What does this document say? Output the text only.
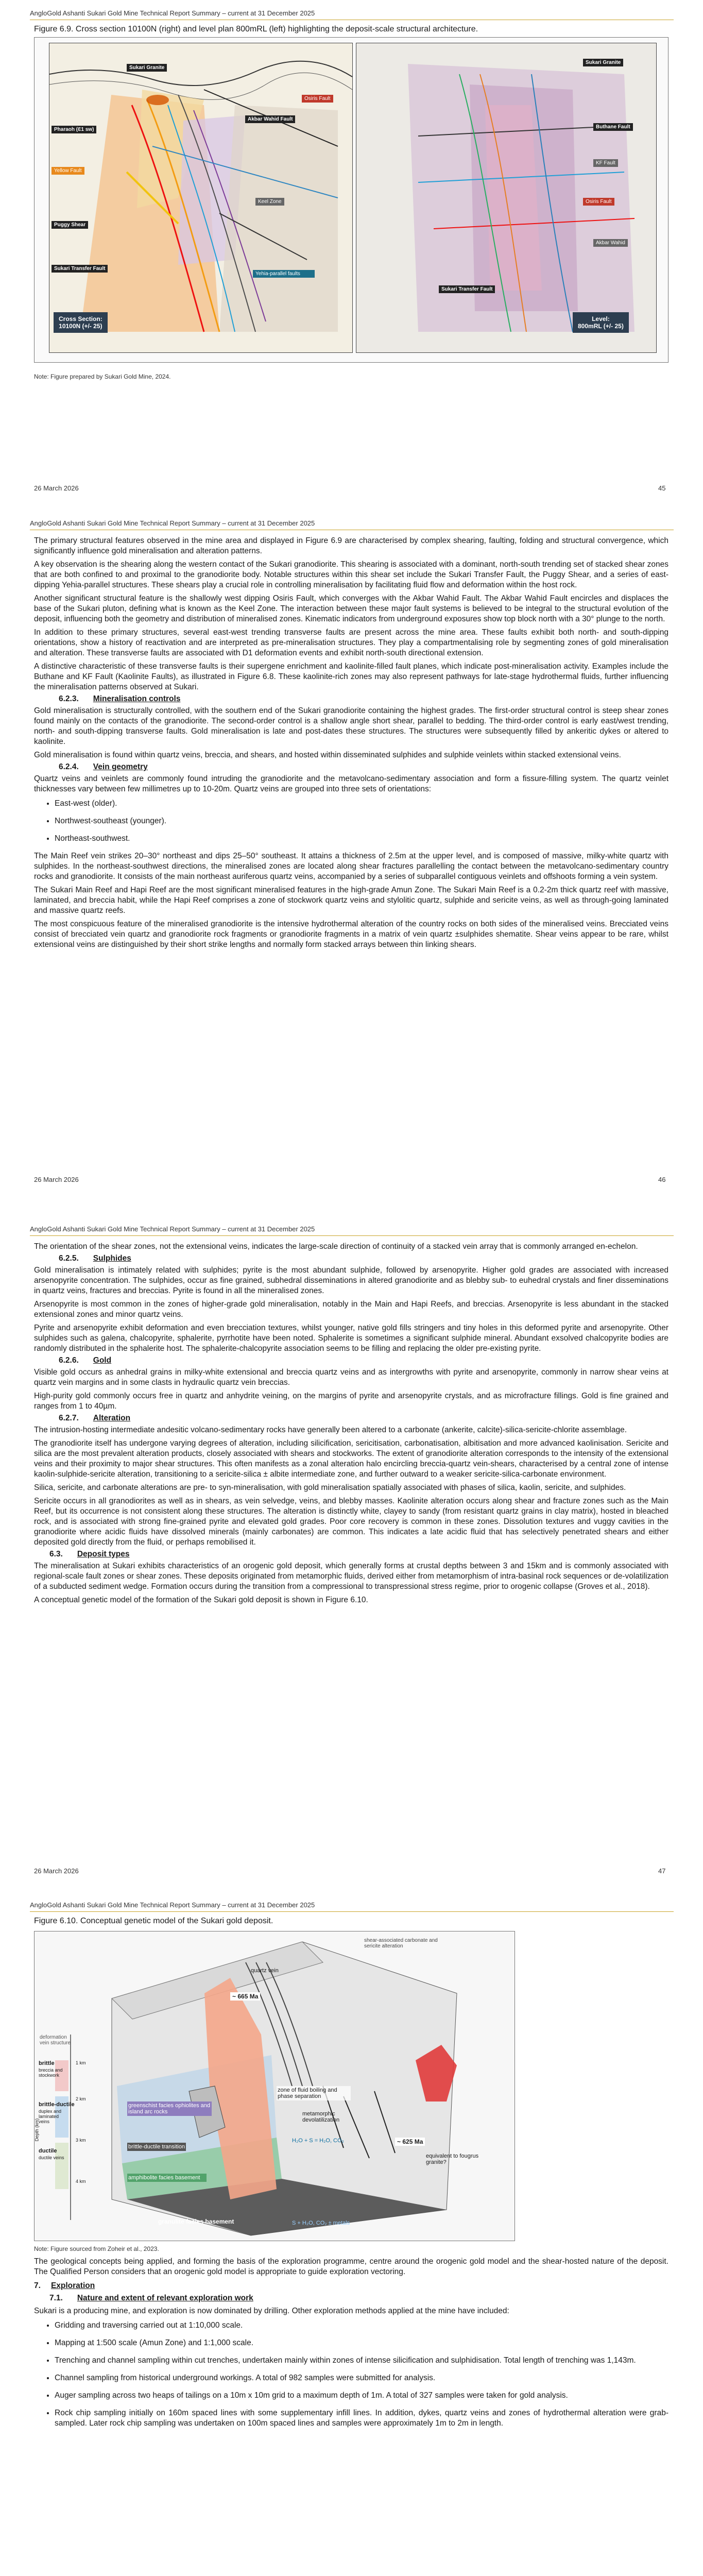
AngloGold Ashanti Sukari Gold Mine Technical Report Summary – current at 31 December 2025
Figure 6.9. Cross section 10100N (right) and level plan 800mRL (left) highlighting the deposit-scale structural architecture.
Sukari Granite
Akbar Wahid Fault
Osiris Fault
Pharaoh (Ɛ1 sw)
Yellow Fault
Puggy Shear
Keel Zone
Sukari Transfer Fault
Yehia-parallel faults
Cross Section:
10100N (+/- 25)
Sukari Granite
Buthane Fault
KF Fault
Osiris Fault
Akbar Wahid
Sukari Transfer Fault
Level:
800mRL (+/- 25)
Note: Figure prepared by Sukari Gold Mine, 2024.
26 March 2026	45
AngloGold Ashanti Sukari Gold Mine Technical Report Summary – current at 31 December 2025

The primary structural features observed in the mine area and displayed in Figure 6.9 are characterised by complex shearing, faulting, folding and structural convergence, which significantly influence gold mineralisation and alteration patterns.

A key observation is the shearing along the western contact of the Sukari granodiorite. This shearing is associated with a dominant, north-south trending set of stacked shear zones that are both confined to and proximal to the granodiorite body. Notable structures within this shear set include the Sukari Transfer Fault, the Puggy Shear, and a series of east-dipping Yehia-parallel structures. These shears play a crucial role in controlling mineralisation by facilitating fluid flow and deformation within the host rock.

Another significant structural feature is the shallowly west dipping Osiris Fault, which converges with the Akbar Wahid Fault. The Akbar Wahid Fault encircles and displaces the base of the Sukari pluton, defining what is known as the Keel Zone. The interaction between these major fault systems is believed to be integral to the structural evolution of the deposit, influencing both the geometry and distribution of mineralised zones. Kinematic indicators from underground exposures show top block north with a 30° plunge to the north.

In addition to these primary structures, several east-west trending transverse faults are present across the mine area. These faults exhibit both north- and south-dipping orientations, show a history of reactivation and are interpreted as pre-mineralisation structures. They play a compartmentalising role by segmenting zones of gold mineralisation and alteration. These transverse faults are associated with D1 deformation events and exhibit north-south directional extension.

A distinctive characteristic of these transverse faults is their supergene enrichment and kaolinite-filled fault planes, which indicate post-mineralisation activity. Examples include the Buthane and KF Fault (Kaolinite Faults), as illustrated in Figure 6.8. These kaolinite-rich zones may also represent pathways for late-stage hydrothermal fluids, further influencing the mineralisation patterns observed at Sukari.

6.2.3. Mineralisation controls

Gold mineralisation is structurally controlled, with the southern end of the Sukari granodiorite containing the highest grades. The first-order structural control is steep shear zones found mainly on the contacts of the granodiorite. The second-order control is a shallow angle short shear, parallel to bedding. The third-order control is early east/west trending, north- and south-dipping transverse faults. Gold mineralisation is late and post-dates these structures. The structures were subsequently filled by ankeritic dykes or altered to kaolinite.

Gold mineralisation is found within quartz veins, breccia, and shears, and hosted within disseminated sulphides and sulphide veinlets within stacked extensional veins.

6.2.4. Vein geometry

Quartz veins and veinlets are commonly found intruding the granodiorite and the metavolcano-sedimentary association and form a fissure-filling system. The quartz veinlet thicknesses vary between few millimetres up to 10-20m. Quartz veins are grouped into three sets of orientations:

• East-west (older).
• Northwest-southeast (younger).
• Northeast-southwest.

The Main Reef vein strikes 20–30° northeast and dips 25–50° southeast. It attains a thickness of 2.5m at the upper level, and is composed of massive, milky-white quartz with sulphides. In the northeast-southwest directions, the mineralised zones are located along shear fractures parallelling the contact between the metavolcano-sedimentary country rocks and granodiorite. It consists of the main northeast auriferous quartz veins, accompanied by a series of subparallel contiguous veinlets and offshoots forming a vein system.

The Sukari Main Reef and Hapi Reef are the most significant mineralised features in the high-grade Amun Zone. The Sukari Main Reef is a 0.2-2m thick quartz reef with massive, laminated, and breccia habit, while the Hapi Reef comprises a zone of stockwork quartz veins and stylolitic quartz, sulphide and sericite veins, as well as through-going laminated and massive quartz reefs.

The most conspicuous feature of the mineralised granodiorite is the intensive hydrothermal alteration of the country rocks on both sides of the mineralised veins. Brecciated veins consist of brecciated vein quartz and granodiorite rock fragments or granodiorite fragments in a matrix of vein quartz ±sulphides shematite. Shear veins appear to be rare, whilst extensional veins are distinguished by their short strike lengths and normally form stacked arrays between thin linking shears.

26 March 2026	46
AngloGold Ashanti Sukari Gold Mine Technical Report Summary – current at 31 December 2025

The orientation of the shear zones, not the extensional veins, indicates the large-scale direction of continuity of a stacked vein array that is commonly arranged en-echelon.

6.2.5. Sulphides

Gold mineralisation is intimately related with sulphides; pyrite is the most abundant sulphide, followed by arsenopyrite. Higher gold grades are associated with increased arsenopyrite concentration. The sulphides, occur as fine grained, subhedral disseminations in altered granodiorite and as blebby sub- to euhedral crystals and finer disseminations in quartz veins, fractures and breccias. Pyrite is found in all the mineralised zones.

Arsenopyrite is most common in the zones of higher-grade gold mineralisation, notably in the Main and Hapi Reefs, and breccias. Arsenopyrite is less abundant in the stacked extensional zones and minor quartz veins.

Pyrite and arsenopyrite exhibit deformation and even brecciation textures, whilst younger, native gold fills stringers and tiny holes in this deformed pyrite and arsenopyrite. Other sulphides such as galena, chalcopyrite, sphalerite, pyrrhotite have been noted. Sphalerite is sometimes a significant sulphide mineral. Abundant exsolved chalcopyrite bodies are randomly distributed in the sphalerite host. The sphalerite-chalcopyrite association seems to be filling and replacing the older pre-existing pyrite.

6.2.6. Gold

Visible gold occurs as anhedral grains in milky-white extensional and breccia quartz veins and as intergrowths with pyrite and arsenopyrite, commonly in narrow shear veins at quartz vein margins and in some clasts in hydraulic quartz vein breccias.

High-purity gold commonly occurs free in quartz and anhydrite veining, on the margins of pyrite and arsenopyrite crystals, and as microfracture fillings. Gold is fine grained and ranges from 1 to 40µm.

6.2.7. Alteration

The intrusion-hosting intermediate andesitic volcano-sedimentary rocks have generally been altered to a carbonate (ankerite, calcite)-silica-sericite-chlorite assemblage.

The granodiorite itself has undergone varying degrees of alteration, including silicification, sericitisation, carbonatisation, albitisation and more advanced kaolinisation. Sericite and silica are the most prevalent alteration products, closely associated with shears and stockworks. The extent of granodiorite alteration corresponds to the intensity of the extensional veins and their proximity to major shear structures. This often manifests as a zonal alteration halo encircling breccia-quartz vein-shears, characterised by a central zone of intense kaolin-sulphide-sericite alteration, transitioning to a sericite-silica ± albite intermediate zone, and further outward to a weaker sericite-silica-carbonate environment.

Silica, sericite, and carbonate alterations are pre- to syn-mineralisation, with gold mineralisation spatially associated with phases of silica, kaolin, sericite, and sulphides.

Sericite occurs in all granodiorites as well as in shears, as vein selvedge, veins, and blebby masses. Kaolinite alteration occurs along shear and fracture zones such as the Main Reef, but its occurrence is not consistent along these structures. The alteration is distinctly white, clayey to sandy (from resistant quartz grains in clay matrix), hosted in bleached rock, and is associated with strong fine-grained pyrite and elevated gold grades. Poor core recovery is common in these zones. Dissolution textures and vuggy cavities in the granodiorite where acidic fluids have dissolved minerals (mainly carbonates) are common. This indicates a late acidic fluid that has selectively penetrated shears and either deposited gold directly from the fluid, or perhaps remobilised it.

6.3. Deposit types

The mineralisation at Sukari exhibits characteristics of an orogenic gold deposit, which generally forms at crustal depths between 3 and 15km and is commonly associated with regional-scale fault zones or shear zones. These deposits originated from metamorphic fluids, derived either from metamorphism of intra-basinal rock sequences or de-volatilization of a subducted sediment wedge. Formation occurs during the transition from a compressional to transpressional stress regime, prior to orogenic collapse (Groves et al., 2018).

A conceptual genetic model of the formation of the Sukari gold deposit is shown in Figure 6.10.

26 March 2026	47
AngloGold Ashanti Sukari Gold Mine Technical Report Summary – current at 31 December 2025
Figure 6.10. Conceptual genetic model of the Sukari gold deposit.
quartz vein
shear-associated carbonate and sericite alteration
~ 665 Ma
zone of fluid boiling and phase separation
metamorphic devolatilization
H₂O + S = H₂O, CO₂	~ 625 Ma
equivalent to fougrus granite?
greenschist facies ophiolites and island arc rocks
brittle-ductile transition
amphibolite facies basement
granulite facies basement	S + H₂O, CO₂ ± metals
deformation vein structure
brittle
breccia and stockwork
brittle-ductile
duplex and laminated veins
ductile
ductile veins
Depth (km)
1 km
2 km
3 km
4 km
Note: Figure sourced from Zoheir et al., 2023.

The geological concepts being applied, and forming the basis of the exploration programme, centre around the orogenic gold model and the shear-hosted nature of the deposit. The Qualified Person considers that an orogenic gold model is appropriate to guide exploration vectoring.

7. Exploration
7.1. Nature and extent of relevant exploration work

Sukari is a producing mine, and exploration is now dominated by drilling. Other exploration methods applied at the mine have included:

• Gridding and traversing carried out at 1:10,000 scale.
• Mapping at 1:500 scale (Amun Zone) and 1:1,000 scale.
• Trenching and channel sampling within cut trenches, undertaken mainly within zones of intense silicification and sulphidisation. Total length of trenching was 1,143m.
• Channel sampling from historical underground workings. A total of 982 samples were submitted for analysis.
• Auger sampling across two heaps of tailings on a 10m x 10m grid to a maximum depth of 1m. A total of 327 samples were taken for gold analysis.
• Rock chip sampling initially on 160m spaced lines with some supplementary infill lines. In addition, dykes, quartz veins and zones of hydrothermal alteration were grab-sampled. Later rock chip sampling was undertaken on 100m spaced lines and samples were approximately 1m to 2m in length.
